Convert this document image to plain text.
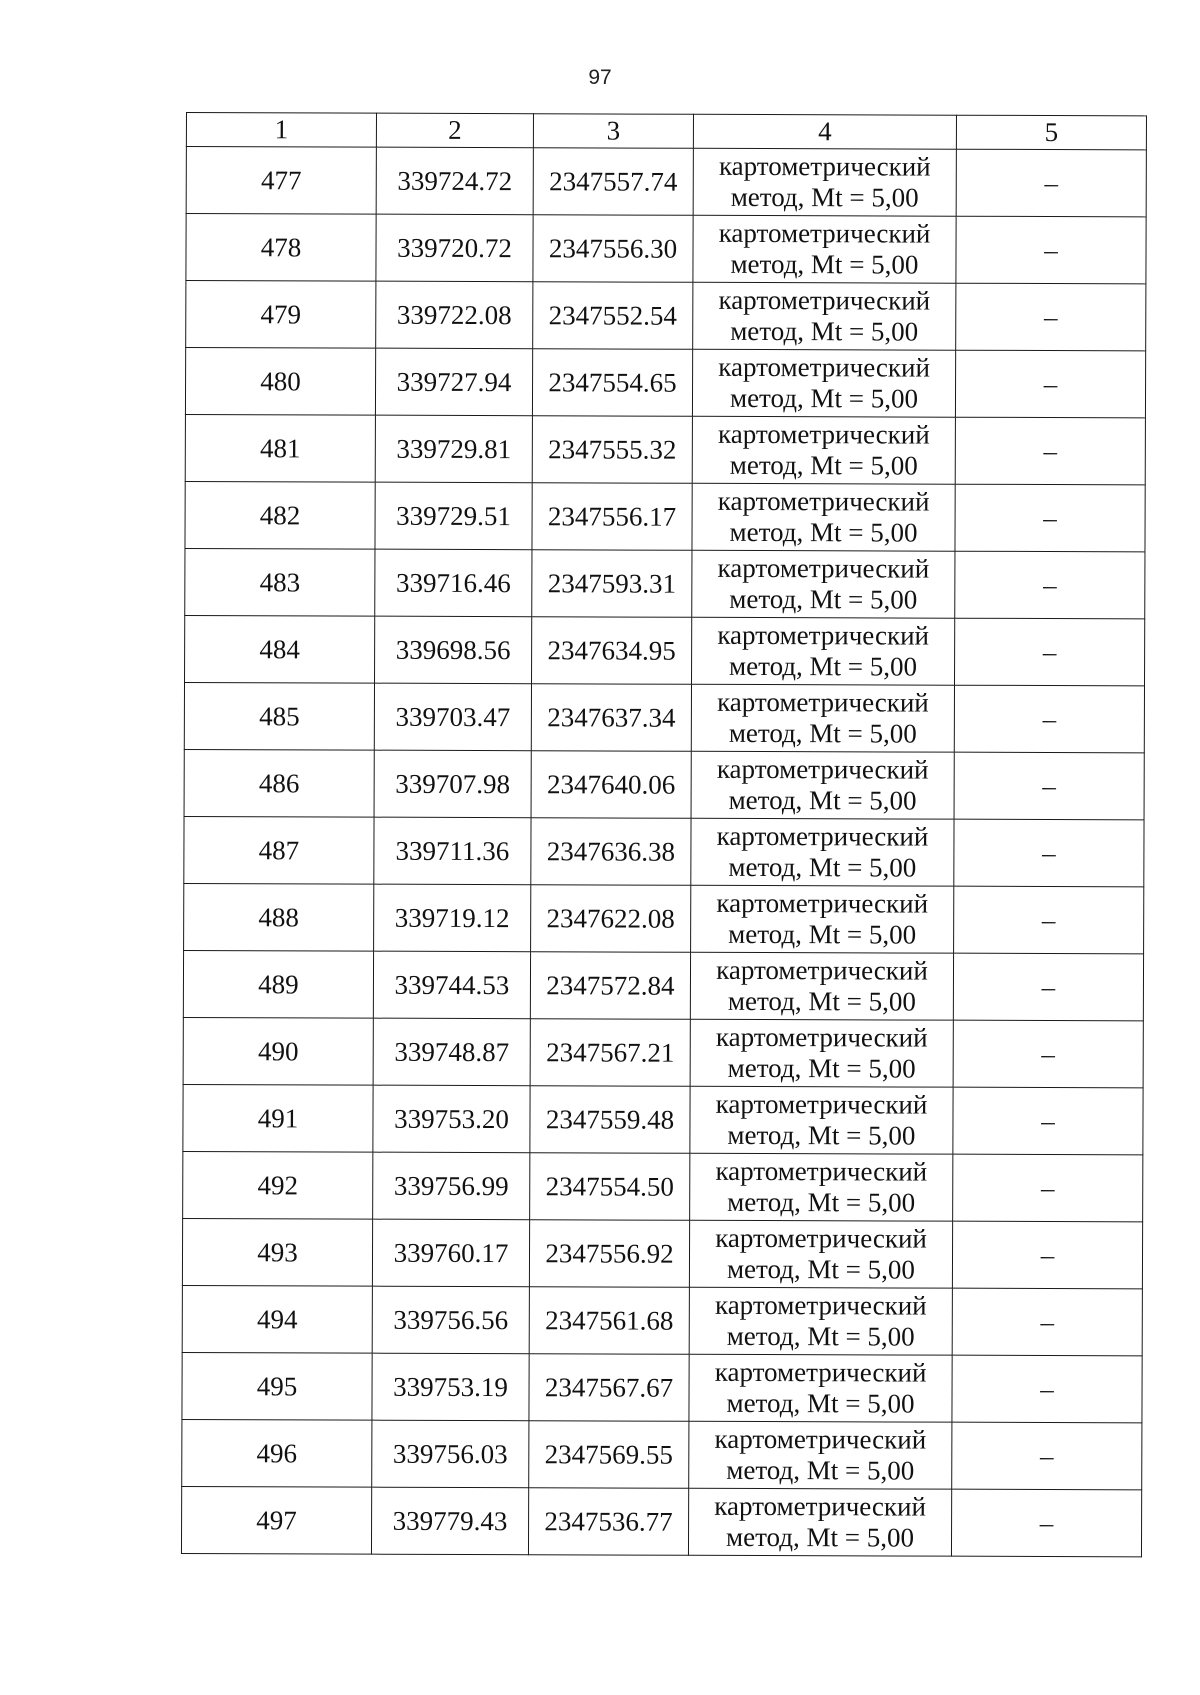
97
1	2	3	4	5
477	339724.72	2347557.74	картометрический
метод, Mt = 5,00	–
478	339720.72	2347556.30	картометрический
метод, Mt = 5,00	–
479	339722.08	2347552.54	картометрический
метод, Mt = 5,00	–
480	339727.94	2347554.65	картометрический
метод, Mt = 5,00	–
481	339729.81	2347555.32	картометрический
метод, Mt = 5,00	–
482	339729.51	2347556.17	картометрический
метод, Mt = 5,00	–
483	339716.46	2347593.31	картометрический
метод, Mt = 5,00	–
484	339698.56	2347634.95	картометрический
метод, Mt = 5,00	–
485	339703.47	2347637.34	картометрический
метод, Mt = 5,00	–
486	339707.98	2347640.06	картометрический
метод, Mt = 5,00	–
487	339711.36	2347636.38	картометрический
метод, Mt = 5,00	–
488	339719.12	2347622.08	картометрический
метод, Mt = 5,00	–
489	339744.53	2347572.84	картометрический
метод, Mt = 5,00	–
490	339748.87	2347567.21	картометрический
метод, Mt = 5,00	–
491	339753.20	2347559.48	картометрический
метод, Mt = 5,00	–
492	339756.99	2347554.50	картометрический
метод, Mt = 5,00	–
493	339760.17	2347556.92	картометрический
метод, Mt = 5,00	–
494	339756.56	2347561.68	картометрический
метод, Mt = 5,00	–
495	339753.19	2347567.67	картометрический
метод, Mt = 5,00	–
496	339756.03	2347569.55	картометрический
метод, Mt = 5,00	–
497	339779.43	2347536.77	картометрический
метод, Mt = 5,00	–
